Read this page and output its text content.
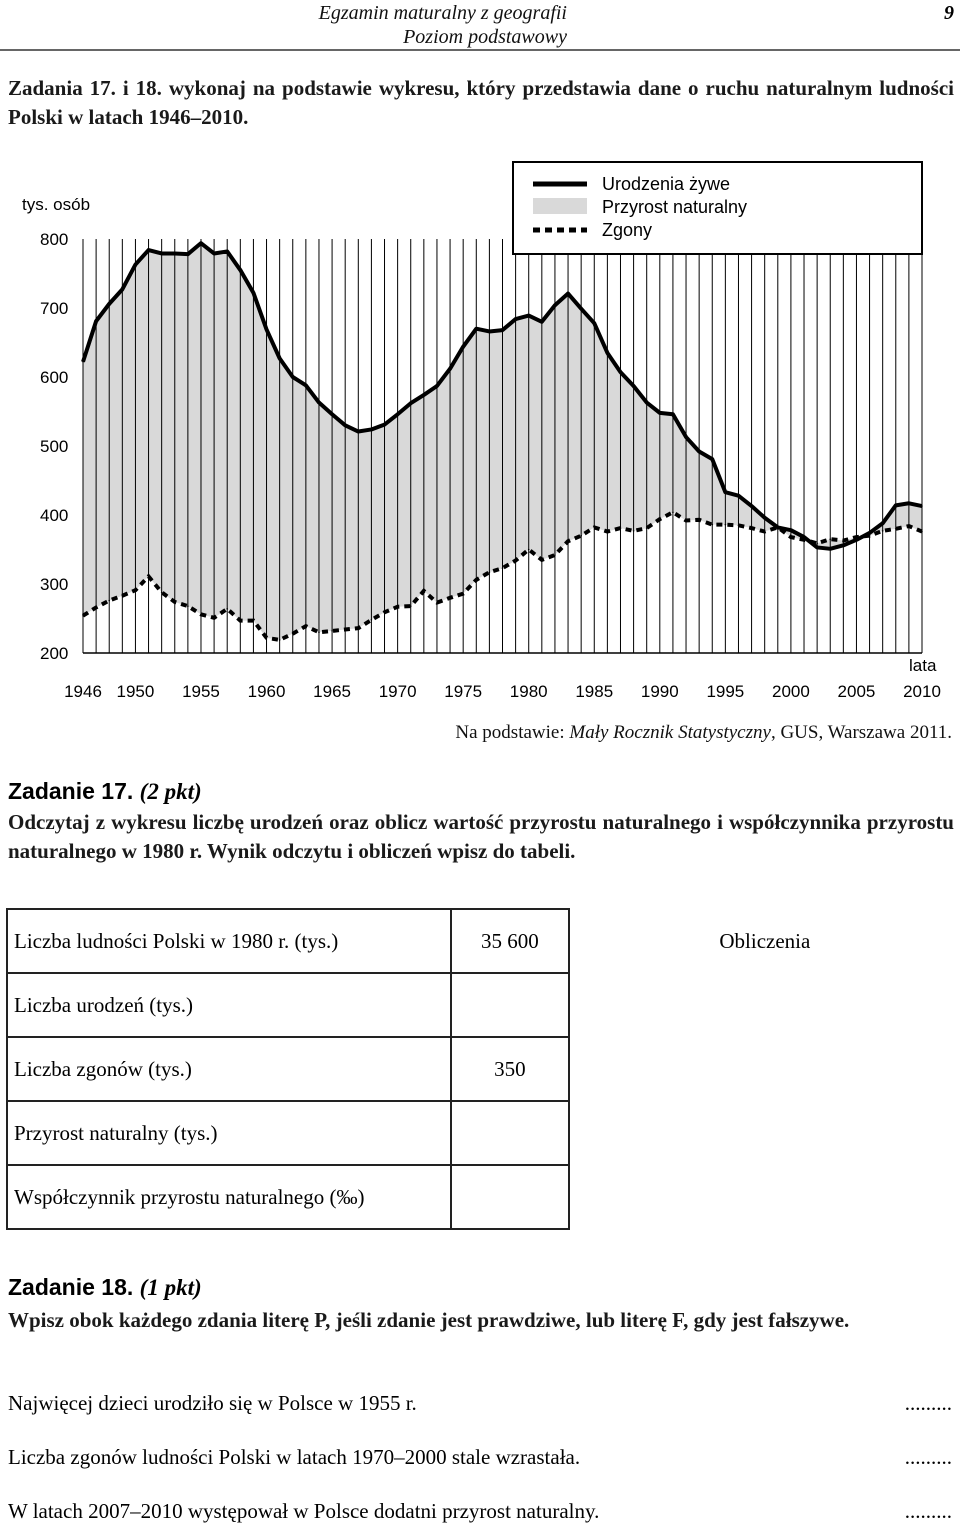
Egzamin maturalny z geografii
Poziom podstawowy
9
Zadania 17. i 18. wykonaj na podstawie wykresu, który przedstawia dane o ruchu naturalnym ludności Polski w latach 1946–2010.
tys. osób
lata
200
300
400
500
600
700
800
1946 1950 1955 1960 1965 1970 1975 1980 1985 1990 1995 2000 2005 2010
Urodzenia żywe
Przyrost naturalny
Zgony
Na podstawie: Mały Rocznik Statystyczny, GUS, Warszawa 2011.
Zadanie 17. (2 pkt)
Odczytaj z wykresu liczbę urodzeń oraz oblicz wartość przyrostu naturalnego i współczynnika przyrostu naturalnego w 1980 r. Wynik odczytu i obliczeń wpisz do tabeli.
Liczba ludności Polski w 1980 r. (tys.)	35 600	Obliczenia
Liczba urodzeń (tys.)		
Liczba zgonów (tys.)	350	
Przyrost naturalny (tys.)		
Współczynnik przyrostu naturalnego (‰)		
Zadanie 18. (1 pkt)
Wpisz obok każdego zdania literę P, jeśli zdanie jest prawdziwe, lub literę F, gdy jest fałszywe.
Najwięcej dzieci urodziło się w Polsce w 1955 r.	.........
Liczba zgonów ludności Polski w latach 1970–2000 stale wzrastała.	.........
W latach 2007–2010 występował w Polsce dodatni przyrost naturalny.	.........
